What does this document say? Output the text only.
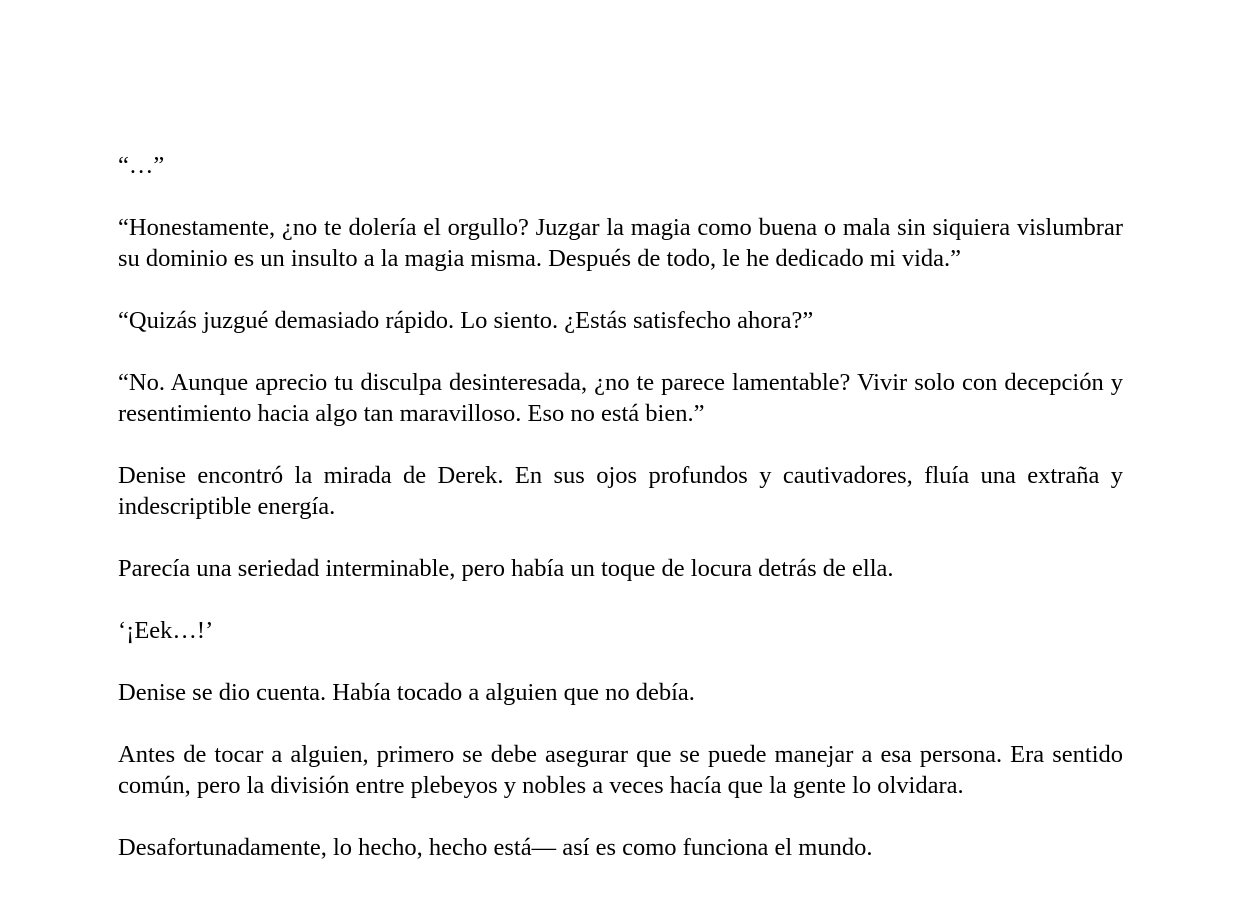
“…”

“Honestamente, ¿no te dolería el orgullo? Juzgar la magia como buena o mala sin siquiera vislumbrar su dominio es un insulto a la magia misma. Después de todo, le he dedicado mi vida.”

“Quizás juzgué demasiado rápido. Lo siento. ¿Estás satisfecho ahora?”

“No. Aunque aprecio tu disculpa desinteresada, ¿no te parece lamentable? Vivir solo con decepción y resentimiento hacia algo tan maravilloso. Eso no está bien.”

Denise encontró la mirada de Derek. En sus ojos profundos y cautivadores, fluía una extraña y indescriptible energía.

Parecía una seriedad interminable, pero había un toque de locura detrás de ella.

‘¡Eek…!’

Denise se dio cuenta. Había tocado a alguien que no debía.

Antes de tocar a alguien, primero se debe asegurar que se puede manejar a esa persona. Era sentido común, pero la división entre plebeyos y nobles a veces hacía que la gente lo olvidara.

Desafortunadamente, lo hecho, hecho está— así es como funciona el mundo.
